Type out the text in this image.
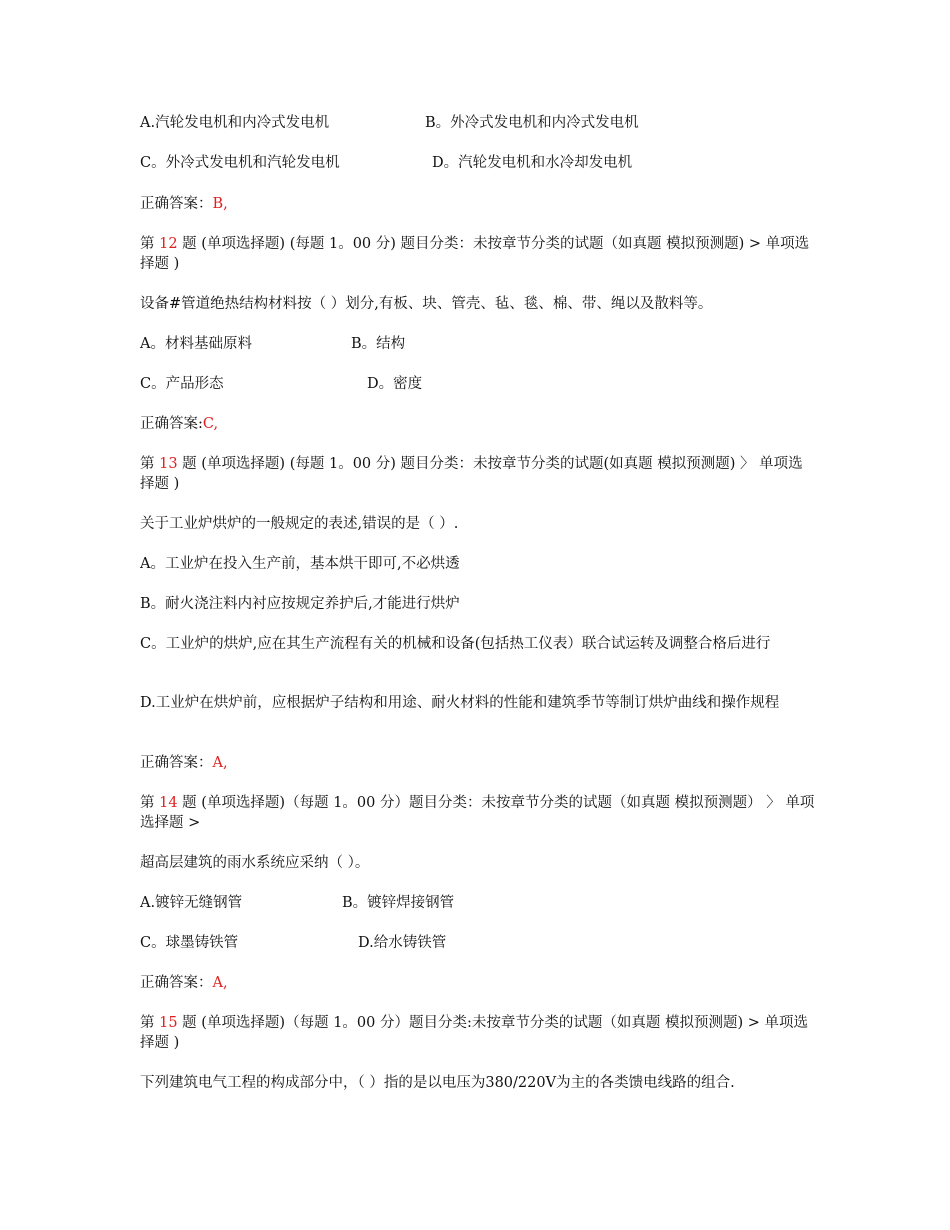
A.汽轮发电机和内冷式发电机	B。外冷式发电机和内冷式发电机
C。外冷式发电机和汽轮发电机	D。汽轮发电机和水冷却发电机
正确答案：B,
第 12 题 (单项选择题) (每题 1。00 分) 题目分类：未按章节分类的试题（如真题 模拟预测题) > 单项选择题 )
设备#管道绝热结构材料按（ ）划分,有板、块、管壳、毡、毯、棉、带、绳以及散料等。
A。材料基础原料	B。结构
C。产品形态	D。密度
正确答案:C,
第 13 题 (单项选择题) (每题 1。00 分) 题目分类：未按章节分类的试题(如真题 模拟预测题) 〉 单项选择题 )
关于工业炉烘炉的一般规定的表述,错误的是（ ）.
A。工业炉在投入生产前，基本烘干即可,不必烘透
B。耐火浇注料内衬应按规定养护后,才能进行烘炉
C。工业炉的烘炉,应在其生产流程有关的机械和设备(包括热工仪表）联合试运转及调整合格后进行
D.工业炉在烘炉前，应根据炉子结构和用途、耐火材料的性能和建筑季节等制订烘炉曲线和操作规程
正确答案：A,
第 14 题 (单项选择题)（每题 1。00 分）题目分类：未按章节分类的试题（如真题 模拟预测题） 〉 单项选择题 >
超高层建筑的雨水系统应采纳（ ）。
A.镀锌无缝钢管	B。镀锌焊接钢管
C。球墨铸铁管	D.给水铸铁管
正确答案：A,
第 15 题 (单项选择题)（每题 1。00 分）题目分类:未按章节分类的试题（如真题 模拟预测题) > 单项选择题 )
下列建筑电气工程的构成部分中，（ ）指的是以电压为380/220V为主的各类馈电线路的组合.
